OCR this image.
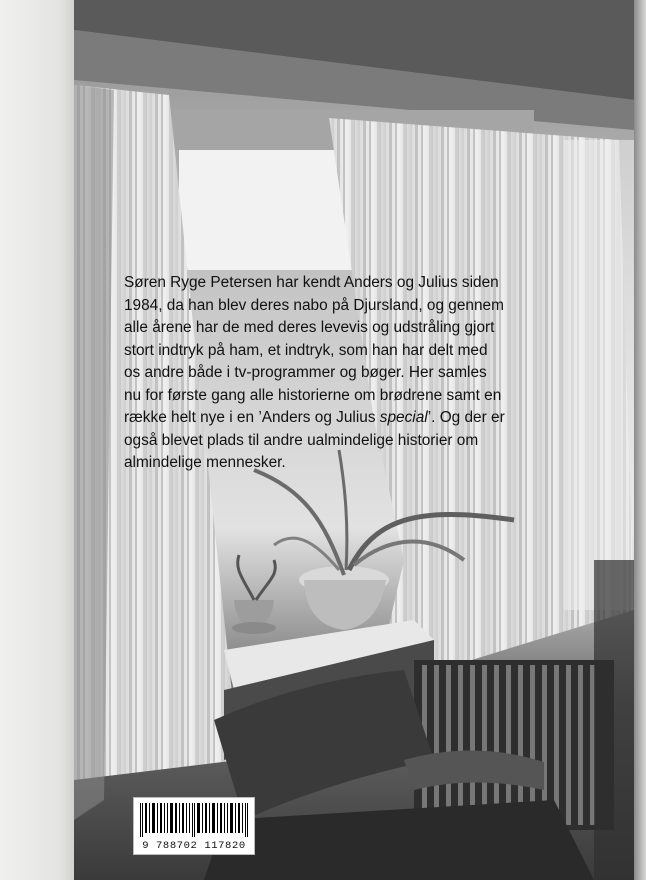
Søren Ryge Petersen har kendt Anders og Julius siden
1984, da han blev deres nabo på Djursland, og gennem
alle årene har de med deres levevis og udstråling gjort
stort indtryk på ham, et indtryk, som han har delt med
os andre både i tv-programmer og bøger. Her samles
nu for første gang alle historierne om brødrene samt en
række helt nye i en ’Anders og Julius special’. Og der er
også blevet plads til andre ualmindelige historier om
almindelige mennesker.

9 788702 117820
